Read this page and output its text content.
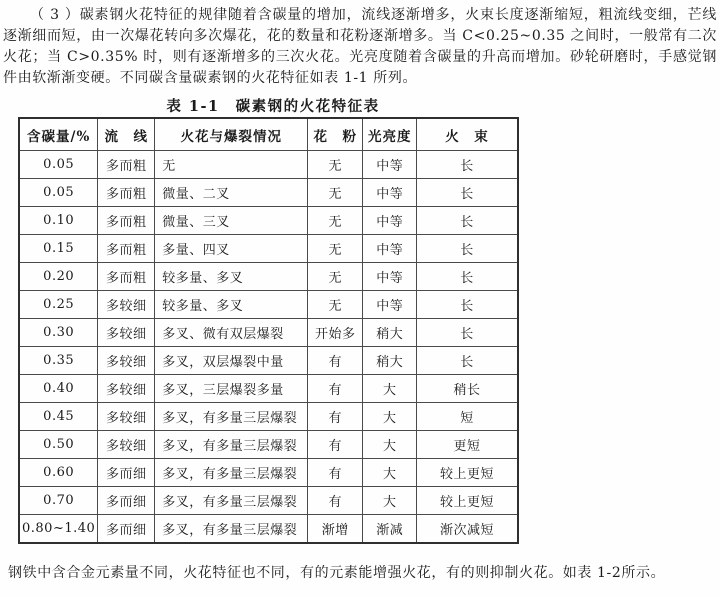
（ 3 ）碳素钢火花特征的规律随着含碳量的增加，流线逐渐增多，火束长度逐渐缩短，粗流线变细，芒线逐渐细而短，由一次爆花转向多次爆花，花的数量和花粉逐渐增多。当 C<0.25~0.35 之间时，一般常有二次火花；当 C>0.35% 时，则有逐渐增多的三次火花。光亮度随着含碳量的升高而增加。砂轮研磨时，手感觉钢件由软渐渐变硬。不同碳含量碳素钢的火花特征如表 1-1 所列。

表 1-1　碳素钢的火花特征表
含碳量/%	流　线	火花与爆裂情况	花　粉	光亮度	火　束
0.05	多而粗	无	无	中等	长
0.05	多而粗	微量、二叉	无	中等	长
0.10	多而粗	微量、三叉	无	中等	长
0.15	多而粗	多量、四叉	无	中等	长
0.20	多而粗	较多量、多叉	无	中等	长
0.25	多较细	较多量、多叉	无	中等	长
0.30	多较细	多叉、微有双层爆裂	开始多	稍大	长
0.35	多较细	多叉，双层爆裂中量	有	稍大	长
0.40	多较细	多叉，三层爆裂多量	有	大	稍长
0.45	多较细	多叉，有多量三层爆裂	有	大	短
0.50	多较细	多叉，有多量三层爆裂	有	大	更短
0.60	多而细	多叉，有多量三层爆裂	有	大	较上更短
0.70	多而细	多叉，有多量三层爆裂	有	大	较上更短
0.80~1.40	多而细	多叉，有多量三层爆裂	渐增	渐减	渐次减短

钢铁中含合金元素量不同，火花特征也不同，有的元素能增强火花，有的则抑制火花。如表 1-2所示。
